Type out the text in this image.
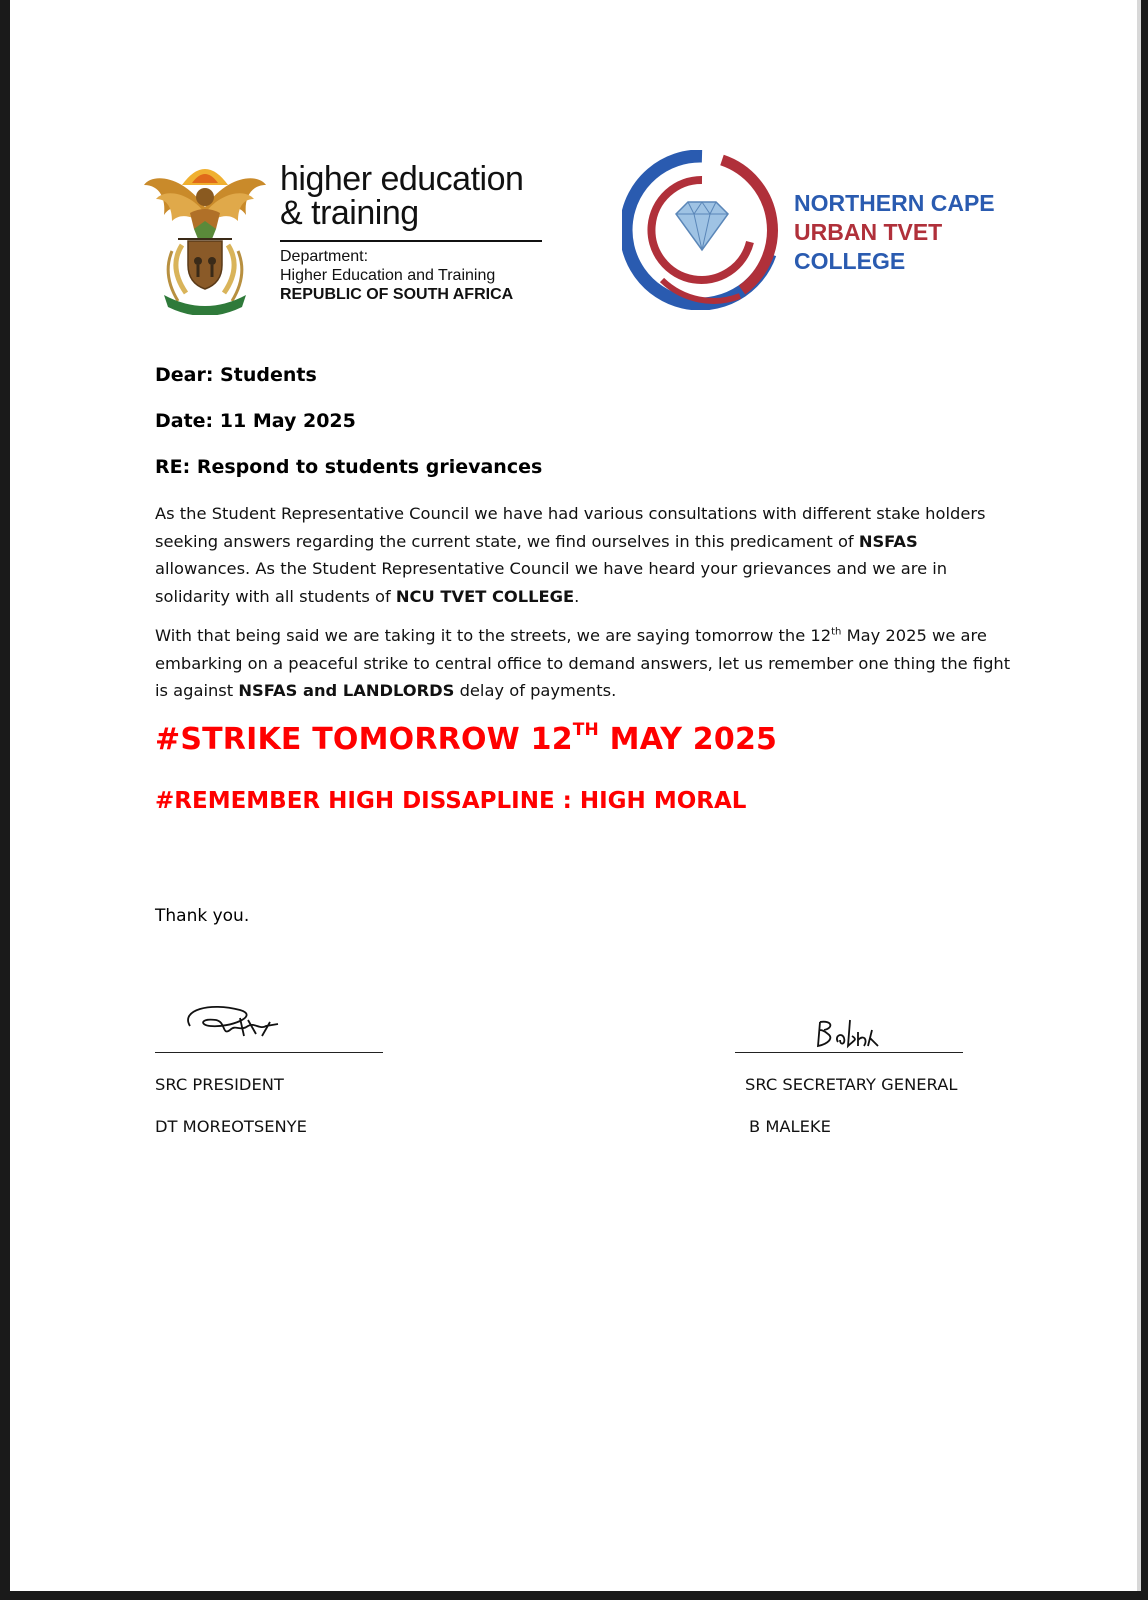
higher education
& training
Department:
Higher Education and Training
REPUBLIC OF SOUTH AFRICA
NORTHERN CAPE
URBAN TVET
COLLEGE
Dear: Students
Date: 11 May 2025
RE: Respond to students grievances
As the Student Representative Council we have had various consultations with different stake holders seeking answers regarding the current state, we find ourselves in this predicament of NSFAS allowances. As the Student Representative Council we have heard your grievances and we are in solidarity with all students of NCU TVET COLLEGE.
With that being said we are taking it to the streets, we are saying tomorrow the 12th May 2025 we are embarking on a peaceful strike to central office to demand answers, let us remember one thing the fight is against NSFAS and LANDLORDS delay of payments.
#STRIKE TOMORROW 12TH MAY 2025
#REMEMBER HIGH DISSAPLINE : HIGH MORAL
Thank you.
SRC PRESIDENT
DT MOREOTSENYE
SRC SECRETARY GENERAL
B MALEKE
